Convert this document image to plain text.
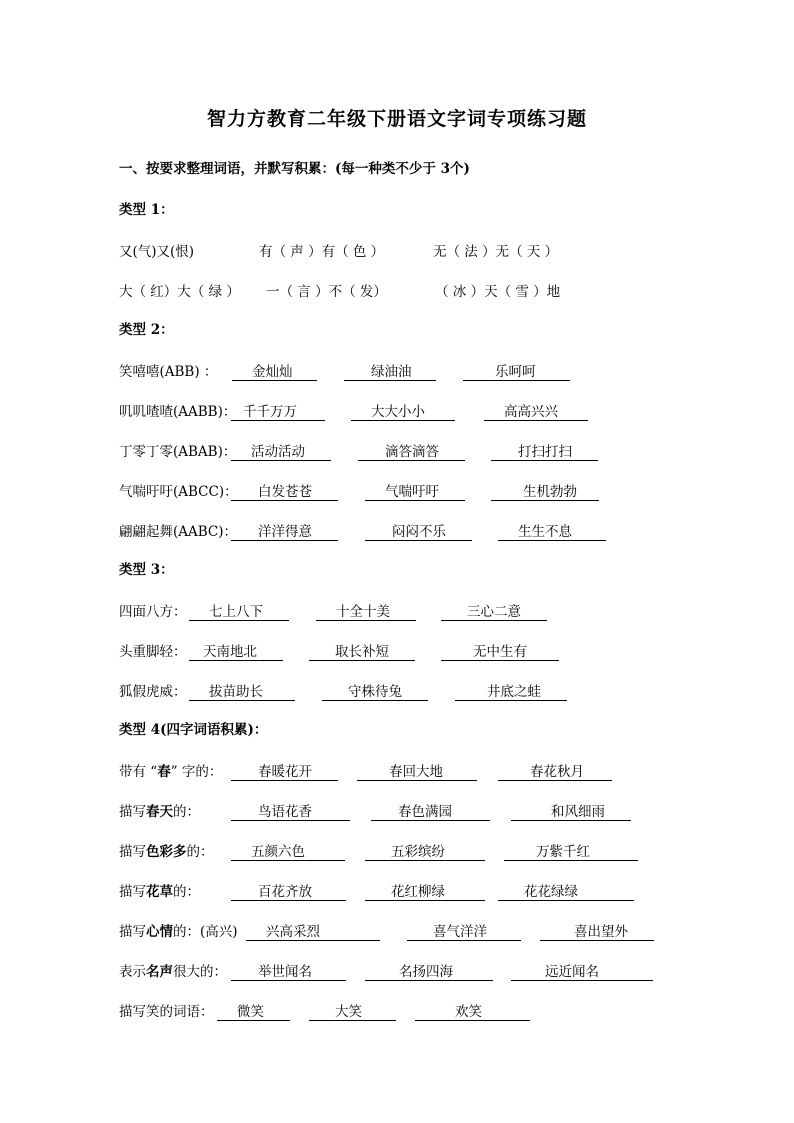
智力方教育二年级下册语文字词专项练习题
一、按要求整理词语，并默写积累：(每一种类不少于 3个)
类型 1：
又(气)又(恨)	有（ 声 ）有（ 色 ）	无（ 法 ）无（ 天 ）
大（ 红）大（ 绿 ） 一（ 言 ）不（ 发）	（ 冰 ）天（ 雪 ）地
类型 2：
笑嘻嘻(ABB) ：	金灿灿	绿油油	乐呵呵
叽叽喳喳(AABB)： 千千万万	大大小小	高高兴兴
丁零丁零(ABAB)：	活动活动	滴答滴答	打扫打扫
气喘吁吁(ABCC)：	白发苍苍	气喘吁吁	生机勃勃
翩翩起舞(AABC)：	洋洋得意	闷闷不乐	生生不息
类型 3：
四面八方：	七上八下	十全十美	三心二意
头重脚轻：	天南地北	取长补短	无中生有
狐假虎威：	拔苗助长	守株待兔	井底之蛙
类型 4(四字词语积累)：
带有 “春” 字的：	春暖花开	春回大地	春花秋月
描写春天的：	鸟语花香	春色满园	和风细雨
描写色彩多的：	五颜六色	五彩缤纷	万紫千红
描写花草的：	百花齐放	花红柳绿	花花绿绿
描写心情的：(高兴)	兴高采烈	喜气洋洋	喜出望外
表示名声很大的：	举世闻名	名扬四海	远近闻名
描写笑的词语：	微笑	大笑	欢笑
